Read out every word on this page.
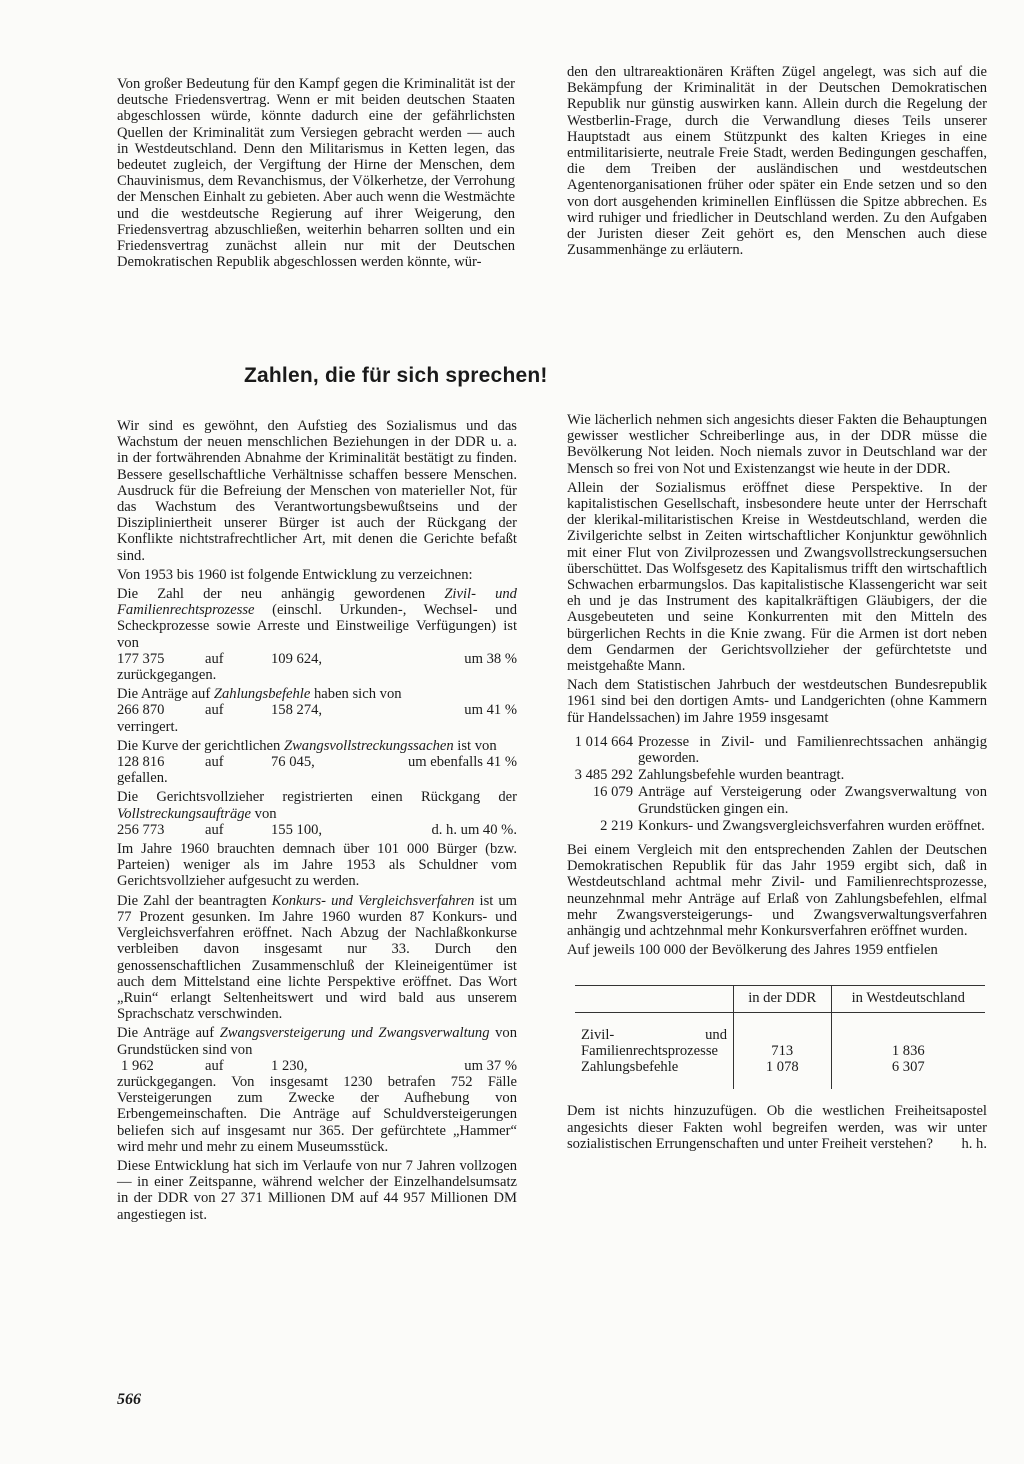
Von großer Bedeutung für den Kampf gegen die Kriminalität ist der deutsche Friedensvertrag. Wenn er mit beiden deutschen Staaten abgeschlossen würde, könnte dadurch eine der gefährlichsten Quellen der Kriminalität zum Versiegen gebracht werden — auch in Westdeutschland. Denn den Militarismus in Ketten legen, das bedeutet zugleich, der Vergiftung der Hirne der Menschen, dem Chauvinismus, dem Revanchismus, der Völkerhetze, der Verrohung der Menschen Einhalt zu gebieten. Aber auch wenn die Westmächte und die westdeutsche Regierung auf ihrer Weigerung, den Friedensvertrag abzuschließen, weiterhin beharren sollten und ein Friedensvertrag zunächst allein nur mit der Deutschen Demokratischen Republik abgeschlossen werden könnte, wür-

den den ultrareaktionären Kräften Zügel angelegt, was sich auf die Bekämpfung der Kriminalität in der Deutschen Demokratischen Republik nur günstig auswirken kann. Allein durch die Regelung der Westberlin-Frage, durch die Verwandlung dieses Teils unserer Hauptstadt aus einem Stützpunkt des kalten Krieges in eine entmilitarisierte, neutrale Freie Stadt, werden Bedingungen geschaffen, die dem Treiben der ausländischen und westdeutschen Agentenorganisationen früher oder später ein Ende setzen und so den von dort ausgehenden kriminellen Einflüssen die Spitze abbrechen. Es wird ruhiger und friedlicher in Deutschland werden. Zu den Aufgaben der Juristen dieser Zeit gehört es, den Menschen auch diese Zusammenhänge zu erläutern.

Zahlen, die für sich sprechen!

Wir sind es gewöhnt, den Aufstieg des Sozialismus und das Wachstum der neuen menschlichen Beziehungen in der DDR u. a. in der fortwährenden Abnahme der Kriminalität bestätigt zu finden. Bessere gesellschaftliche Verhältnisse schaffen bessere Menschen. Ausdruck für die Befreiung der Menschen von materieller Not, für das Wachstum des Verantwortungsbewußtseins und der Diszipliniertheit unserer Bürger ist auch der Rückgang der Konflikte nichtstrafrechtlicher Art, mit denen die Gerichte befaßt sind.

Von 1953 bis 1960 ist folgende Entwicklung zu verzeichnen:

Die Zahl der neu anhängig gewordenen Zivil- und Familienrechtsprozesse (einschl. Urkunden-, Wechsel- und Scheckprozesse sowie Arreste und Einstweilige Verfügungen) ist von

177 375	auf	109 624,	um 38 %

zurückgegangen.

Die Anträge auf Zahlungsbefehle haben sich von

266 870	auf	158 274,	um 41 %

verringert.

Die Kurve der gerichtlichen Zwangsvollstreckungssachen ist von

128 816	auf	76 045,	um ebenfalls 41 %

gefallen.

Die Gerichtsvollzieher registrierten einen Rückgang der Vollstreckungsaufträge von

256 773	auf	155 100,	d. h. um 40 %.

Im Jahre 1960 brauchten demnach über 101 000 Bürger (bzw. Parteien) weniger als im Jahre 1953 als Schuldner vom Gerichtsvollzieher aufgesucht zu werden.

Die Zahl der beantragten Konkurs- und Vergleichsverfahren ist um 77 Prozent gesunken. Im Jahre 1960 wurden 87 Konkurs- und Vergleichsverfahren eröffnet. Nach Abzug der Nachlaßkonkurse verbleiben davon insgesamt nur 33. Durch den genossenschaftlichen Zusammenschluß der Kleineigentümer ist auch dem Mittelstand eine lichte Perspektive eröffnet. Das Wort „Ruin“ erlangt Seltenheitswert und wird bald aus unserem Sprachschatz verschwinden.

Die Anträge auf Zwangsversteigerung und Zwangsverwaltung von Grundstücken sind von

1 962	auf	1 230,	um 37 %

zurückgegangen. Von insgesamt 1230 betrafen 752 Fälle Versteigerungen zum Zwecke der Aufhebung von Erbengemeinschaften. Die Anträge auf Schuldversteigerungen beliefen sich auf insgesamt nur 365. Der gefürchtete „Hammer“ wird mehr und mehr zu einem Museumsstück.

Diese Entwicklung hat sich im Verlaufe von nur 7 Jahren vollzogen — in einer Zeitspanne, während welcher der Einzelhandelsumsatz in der DDR von 27 371 Millionen DM auf 44 957 Millionen DM angestiegen ist.

Wie lächerlich nehmen sich angesichts dieser Fakten die Behauptungen gewisser westlicher Schreiberlinge aus, in der DDR müsse die Bevölkerung Not leiden. Noch niemals zuvor in Deutschland war der Mensch so frei von Not und Existenzangst wie heute in der DDR.

Allein der Sozialismus eröffnet diese Perspektive. In der kapitalistischen Gesellschaft, insbesondere heute unter der Herrschaft der klerikal-militaristischen Kreise in Westdeutschland, werden die Zivilgerichte selbst in Zeiten wirtschaftlicher Konjunktur gewöhnlich mit einer Flut von Zivilprozessen und Zwangsvollstreckungsersuchen überschüttet. Das Wolfsgesetz des Kapitalismus trifft den wirtschaftlich Schwachen erbarmungslos. Das kapitalistische Klassengericht war seit eh und je das Instrument des kapitalkräftigen Gläubigers, der die Ausgebeuteten und seine Konkurrenten mit den Mitteln des bürgerlichen Rechts in die Knie zwang. Für die Armen ist dort neben dem Gendarmen der Gerichtsvollzieher der gefürchtetste und meistgehaßte Mann.

Nach dem Statistischen Jahrbuch der westdeutschen Bundesrepublik 1961 sind bei den dortigen Amts- und Landgerichten (ohne Kammern für Handelssachen) im Jahre 1959 insgesamt

1 014 664 Prozesse in Zivil- und Familienrechtssachen anhängig geworden.
3 485 292 Zahlungsbefehle wurden beantragt.
16 079 Anträge auf Versteigerung oder Zwangsverwaltung von Grundstücken gingen ein.
2 219 Konkurs- und Zwangsvergleichsverfahren wurden eröffnet.

Bei einem Vergleich mit den entsprechenden Zahlen der Deutschen Demokratischen Republik für das Jahr 1959 ergibt sich, daß in Westdeutschland achtmal mehr Zivil- und Familienrechtsprozesse, neunzehnmal mehr Anträge auf Erlaß von Zahlungsbefehlen, elfmal mehr Zwangsversteigerungs- und Zwangsverwaltungsverfahren anhängig und achtzehnmal mehr Konkursverfahren eröffnet wurden.

Auf jeweils 100 000 der Bevölkerung des Jahres 1959 entfielen

	in der DDR	in Westdeutschland

Zivil- und Familienrechtsprozesse	713	1 836
Zahlungsbefehle	1 078	6 307

Dem ist nichts hinzuzufügen. Ob die westlichen Freiheitsapostel angesichts dieser Fakten wohl begreifen werden, was wir unter sozialistischen Errungenschaften und unter Freiheit verstehen? h. h.

566
